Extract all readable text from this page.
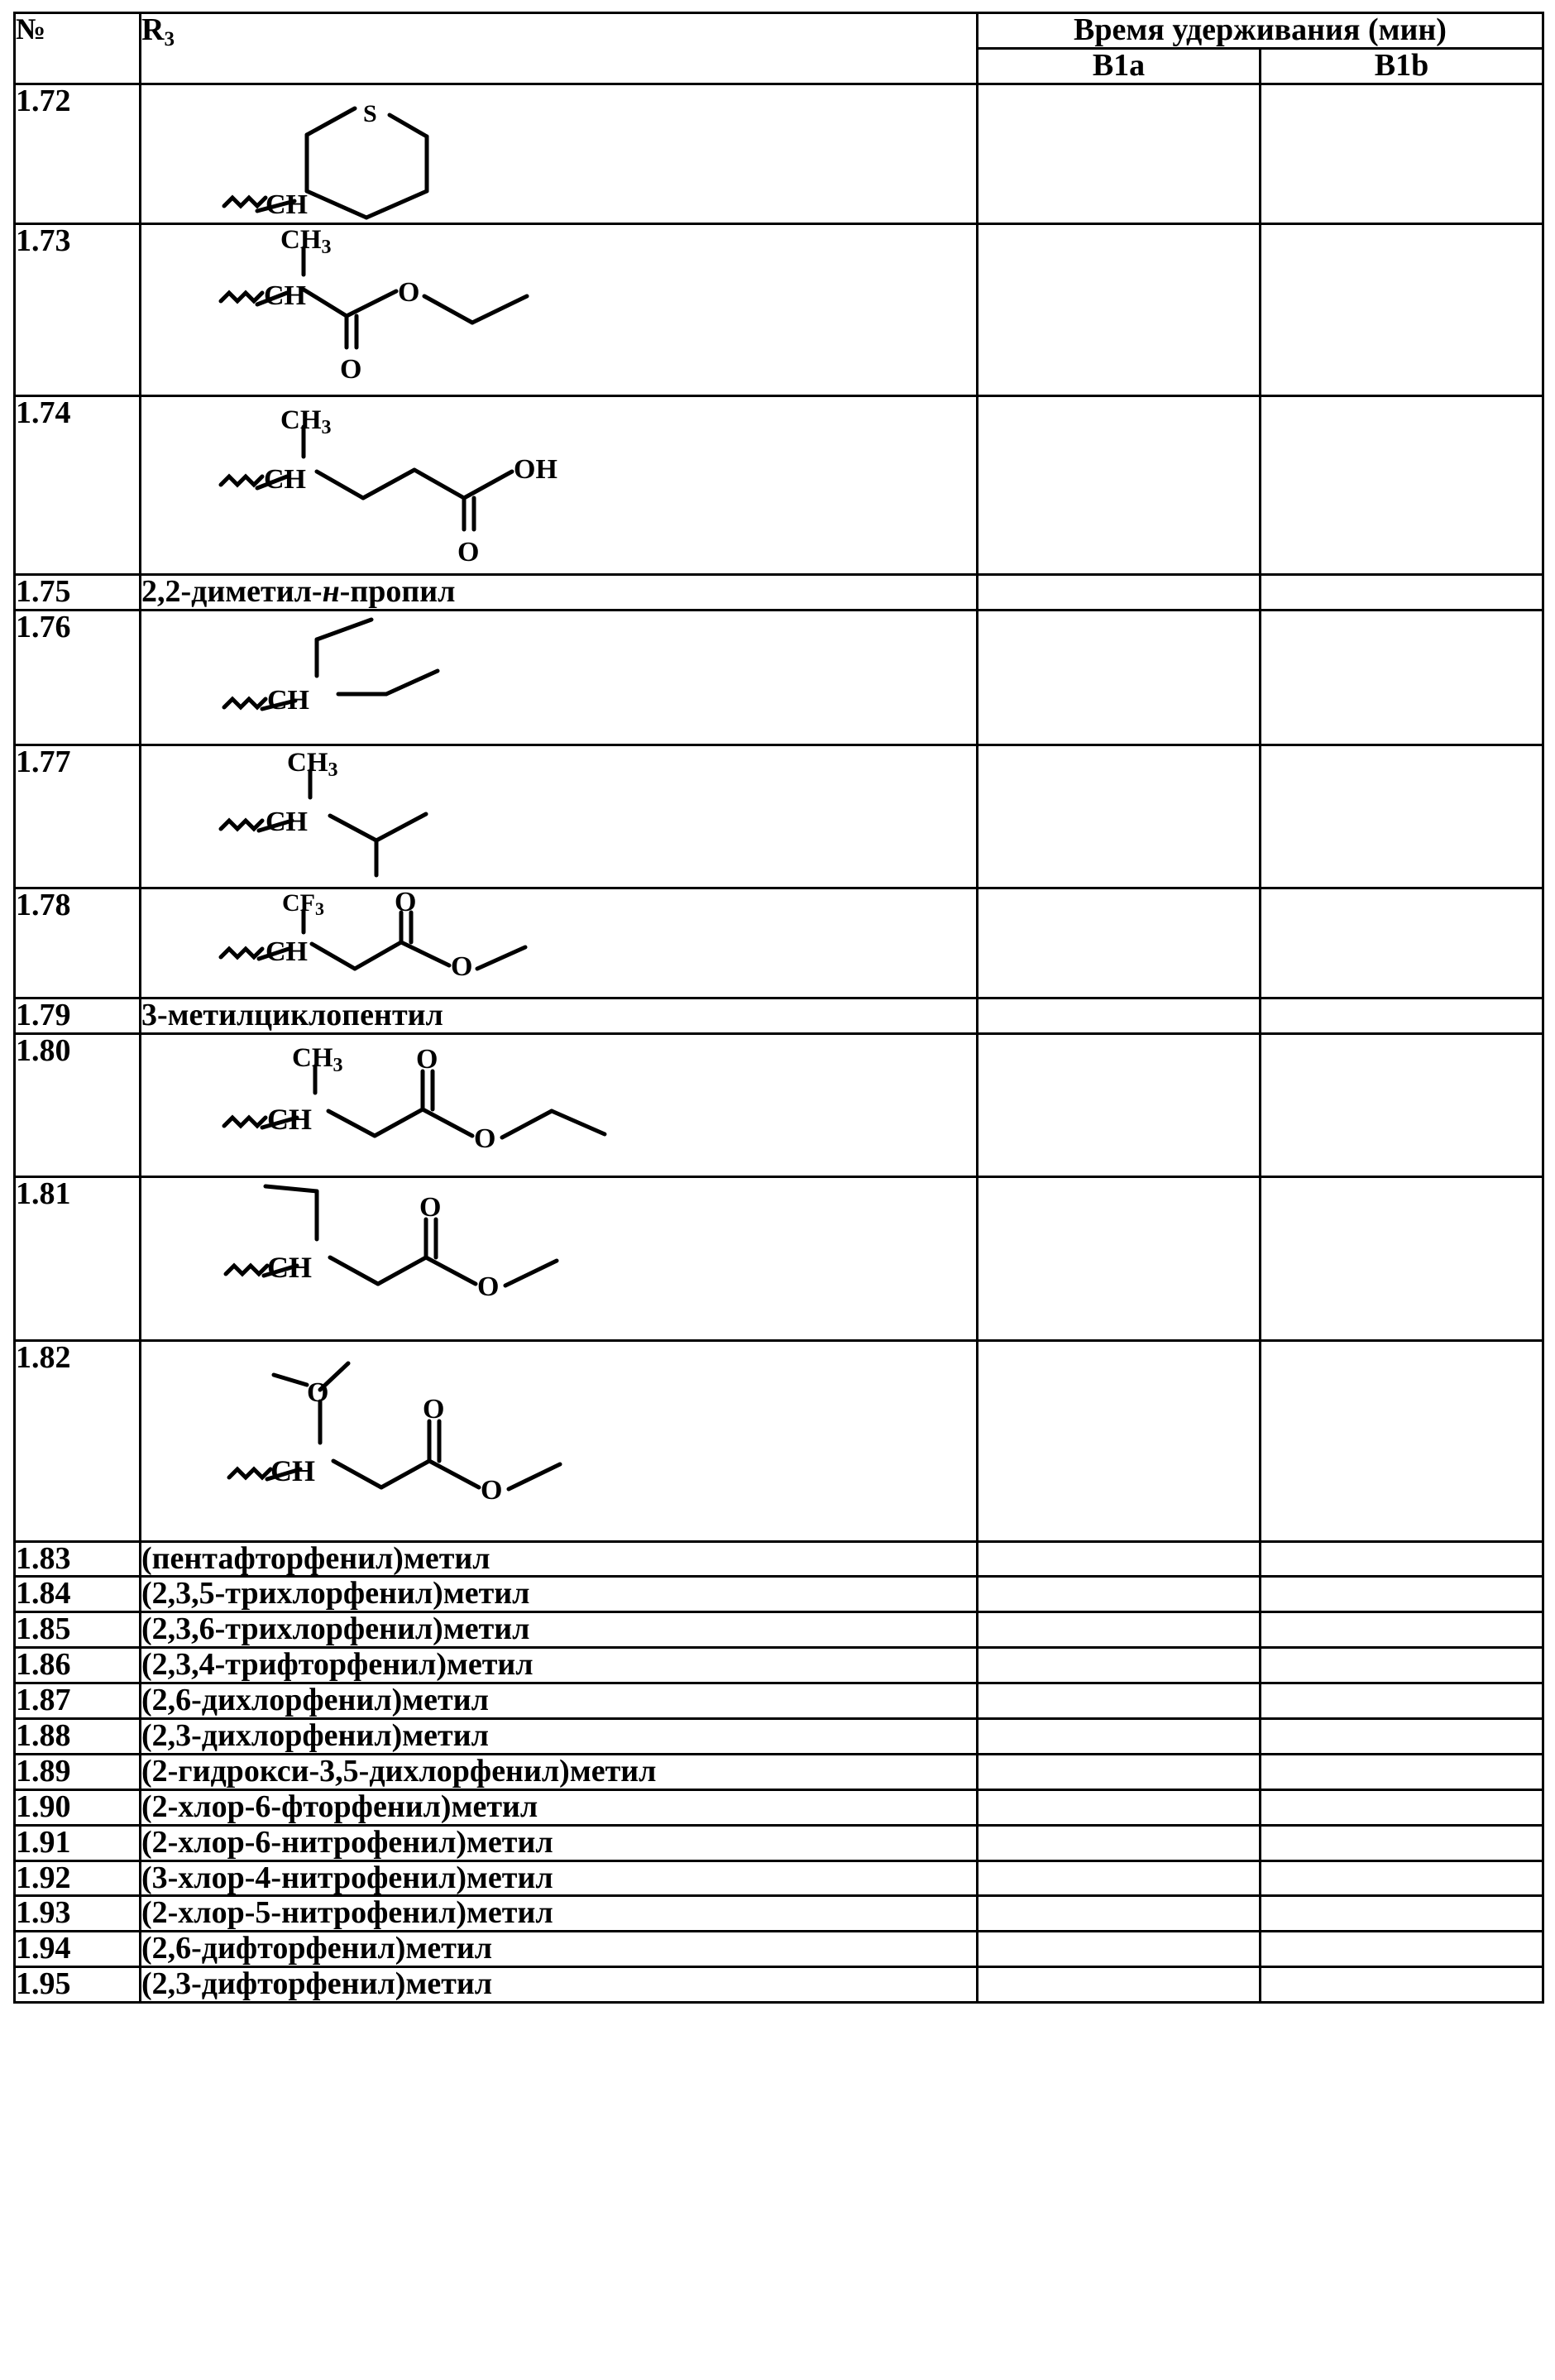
№	$R_3$	Время удерживания (мин)	
		B1a	B1b
1.72	S
CH		

1.73	CH3
CH
O
O		

1.74	CH3
CH
O
OH		

1.75	2,2-диметил-н-пропил		
1.76	CH		

1.77	CH3
CH		

1.78	CF3
CH
O
O		

1.79	3-метилциклопентил		
1.80	CH3
CH
O
O		

1.81	CH
O
O		

1.82	O
CH
O
O		

1.83	(пентафторфенил)метил		
1.84	(2,3,5-трихлорфенил)метил		
1.85	(2,3,6-трихлорфенил)метил		
1.86	(2,3,4-трифторфенил)метил		
1.87	(2,6-дихлорфенил)метил		
1.88	(2,3-дихлорфенил)метил		
1.89	(2-гидрокси-3,5-дихлорфенил)метил		
1.90	(2-хлор-6-фторфенил)метил		
1.91	(2-хлор-6-нитрофенил)метил		
1.92	(3-хлор-4-нитрофенил)метил		
1.93	(2-хлор-5-нитрофенил)метил		
1.94	(2,6-дифторфенил)метил		
1.95	(2,3-дифторфенил)метил		
